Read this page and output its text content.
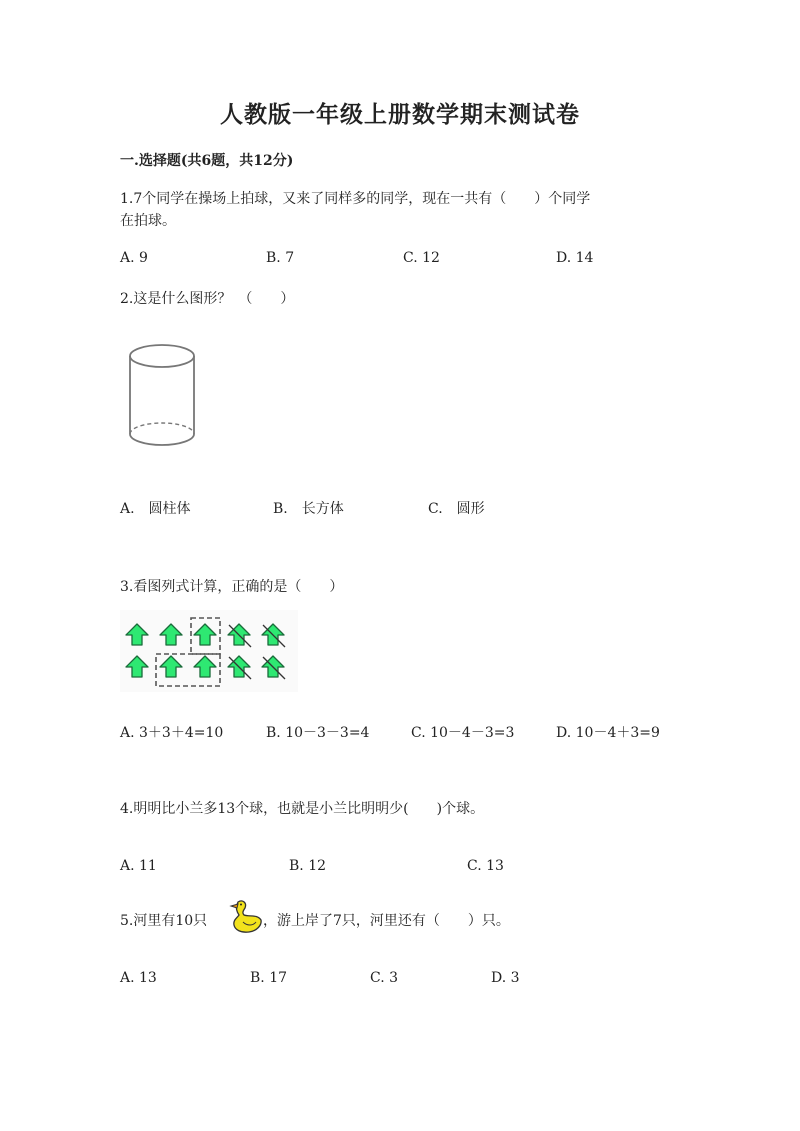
人教版一年级上册数学期末测试卷
一.选择题(共6题，共12分)
1.7个同学在操场上拍球，又来了同样多的同学，现在一共有（　　）个同学
在拍球。
A. 9	B. 7	C. 12	D. 14
2.这是什么图形？　（　　）
A.　圆柱体	B.　长方体	C.　圆形
3.看图列式计算，正确的是（　　）
A. 3＋3＋4=10	B. 10－3－3=4	C. 10－4－3=3	D. 10－4＋3=9
4.明明比小兰多13个球，也就是小兰比明明少(　　)个球。
A. 11	B. 12	C. 13
5.河里有10只	，游上岸了7只，河里还有（　　）只。
A. 13	B. 17	C. 3	D. 3
